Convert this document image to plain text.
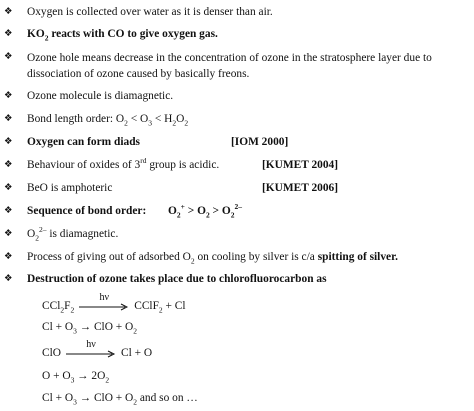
❖ Oxygen is collected over water as it is denser than air.
❖ $KO_2$ reacts with CO to give oxygen gas.
❖ Ozone hole means decrease in the concentration of ozone in the stratosphere layer due to dissociation of ozone caused by basically freons.
❖ Ozone molecule is diamagnetic.
❖ Bond length order: $O_2 < O_3 < H_2O_2$
❖ Oxygen can form diads	[IOM 2000]
❖ Behaviour of oxides of 3rd group is acidic.	[KUMET 2004]
❖ BeO is amphoteric	[KUMET 2006]
❖ Sequence of bond order: $O_2^+ > O_2 > O_2^{2-}$
❖ $O_2^{2-}$ is diamagnetic.
❖ Process of giving out of adsorbed $O_2$ on cooling by silver is c/a spitting of silver.
❖ Destruction of ozone takes place due to chlorofluorocarbon as
$CCl_2F_2$
hν
CClF$_2$ + Cl
$Cl + O_3$ → ClO + $O_2$
ClO
hν
Cl + O
$O + O_3 \to 2O_2$
$Cl + O_3$ → ClO + $O_2$ and so on …
